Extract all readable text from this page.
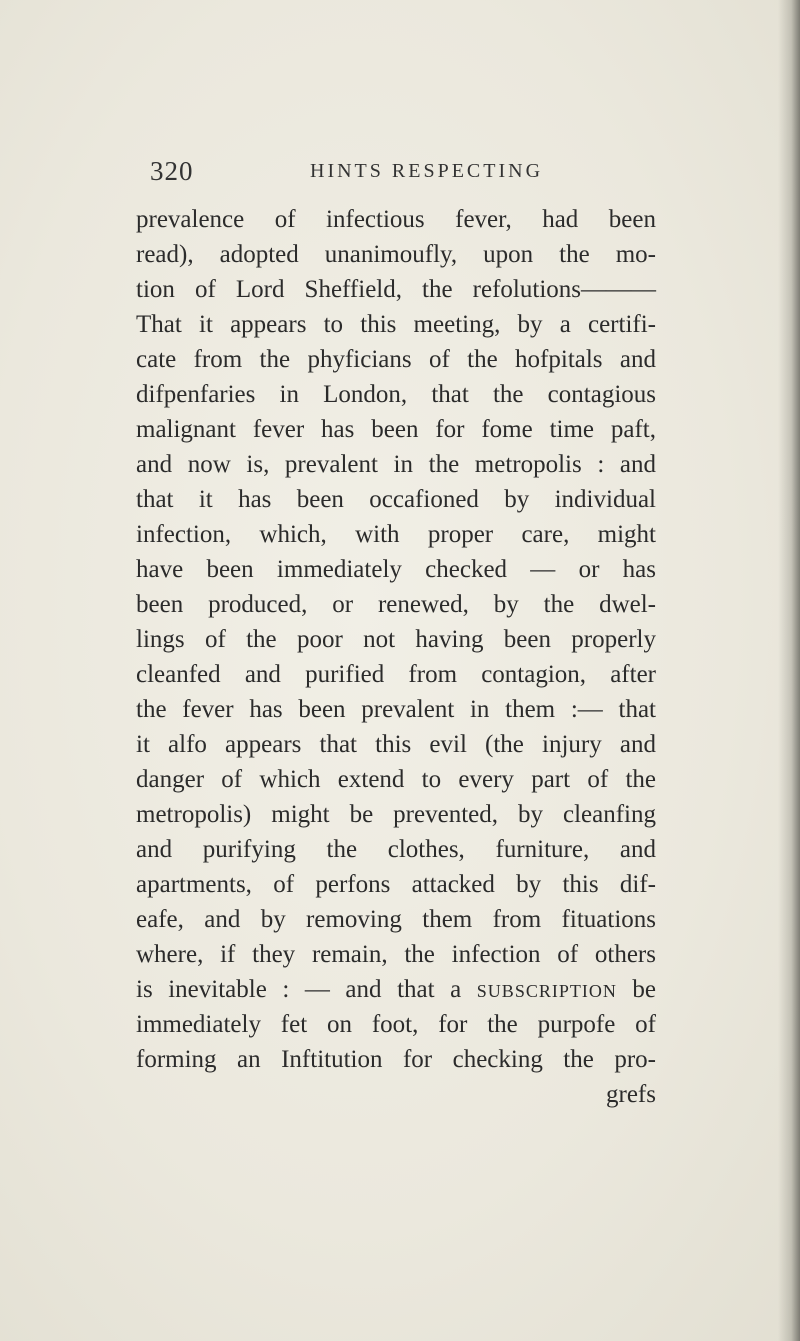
320	HINTS RESPECTING
prevalence of infectious fever, had been
read), adopted unanimoufly, upon the mo-
tion of Lord Sheffield, the refolutions———
That it appears to this meeting, by a certifi-
cate from the phyficians of the hofpitals and
difpenfaries in London, that the contagious
malignant fever has been for fome time paft,
and now is, prevalent in the metropolis : and
that it has been occafioned by individual
infection, which, with proper care, might
have been immediately checked — or has
been produced, or renewed, by the dwel-
lings of the poor not having been properly
cleanfed and purified from contagion, after
the fever has been prevalent in them :— that
it alfo appears that this evil (the injury and
danger of which extend to every part of the
metropolis) might be prevented, by cleanfing
and purifying the clothes, furniture, and
apartments, of perfons attacked by this dif-
eafe, and by removing them from fituations
where, if they remain, the infection of others
is inevitable : — and that a subscription be
immediately fet on foot, for the purpofe of
forming an Inftitution for checking the pro-
grefs
